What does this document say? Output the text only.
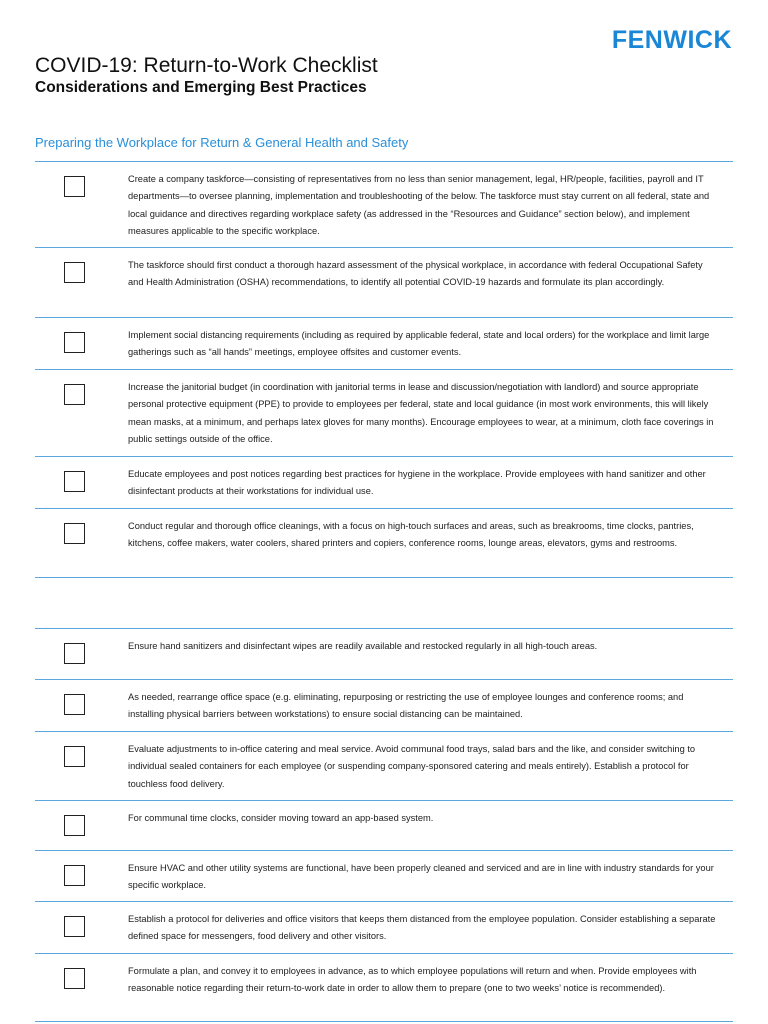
FENWICK
COVID-19: Return-to-Work Checklist
Considerations and Emerging Best Practices
Preparing the Workplace for Return & General Health and Safety

Create a company taskforce—consisting of representatives from no less than senior management, legal, HR/people, facilities, payroll and IT departments—to oversee planning, implementation and troubleshooting of the below. The taskforce must stay current on all federal, state and local guidance and directives regarding workplace safety (as addressed in the “Resources and Guidance” section below), and implement measures applicable to the specific workplace.

The taskforce should first conduct a thorough hazard assessment of the physical workplace, in accordance with federal Occupational Safety and Health Administration (OSHA) recommendations, to identify all potential COVID-19 hazards and formulate its plan accordingly.

Implement social distancing requirements (including as required by applicable federal, state and local orders) for the workplace and limit large gatherings such as “all hands” meetings, employee offsites and customer events.

Increase the janitorial budget (in coordination with janitorial terms in lease and discussion/negotiation with landlord) and source appropriate personal protective equipment (PPE) to provide to employees per federal, state and local guidance (in most work environments, this will likely mean masks, at a minimum, and perhaps latex gloves for many months). Encourage employees to wear, at a minimum, cloth face coverings in public settings outside of the office.

Educate employees and post notices regarding best practices for hygiene in the workplace. Provide employees with hand sanitizer and other disinfectant products at their workstations for individual use.

Conduct regular and thorough office cleanings, with a focus on high-touch surfaces and areas, such as breakrooms, time clocks, pantries, kitchens, coffee makers, water coolers, shared printers and copiers, conference rooms, lounge areas, elevators, gyms and restrooms.

Ensure hand sanitizers and disinfectant wipes are readily available and restocked regularly in all high-touch areas.

As needed, rearrange office space (e.g. eliminating, repurposing or restricting the use of employee lounges and conference rooms; and installing physical barriers between workstations) to ensure social distancing can be maintained.

Evaluate adjustments to in-office catering and meal service. Avoid communal food trays, salad bars and the like, and consider switching to individual sealed containers for each employee (or suspending company-sponsored catering and meals entirely). Establish a protocol for touchless food delivery.

For communal time clocks, consider moving toward an app-based system.

Ensure HVAC and other utility systems are functional, have been properly cleaned and serviced and are in line with industry standards for your specific workplace.

Establish a protocol for deliveries and office visitors that keeps them distanced from the employee population. Consider establishing a separate defined space for messengers, food delivery and other visitors.

Formulate a plan, and convey it to employees in advance, as to which employee populations will return and when. Provide employees with reasonable notice regarding their return-to-work date in order to allow them to prepare (one to two weeks’ notice is recommended).
